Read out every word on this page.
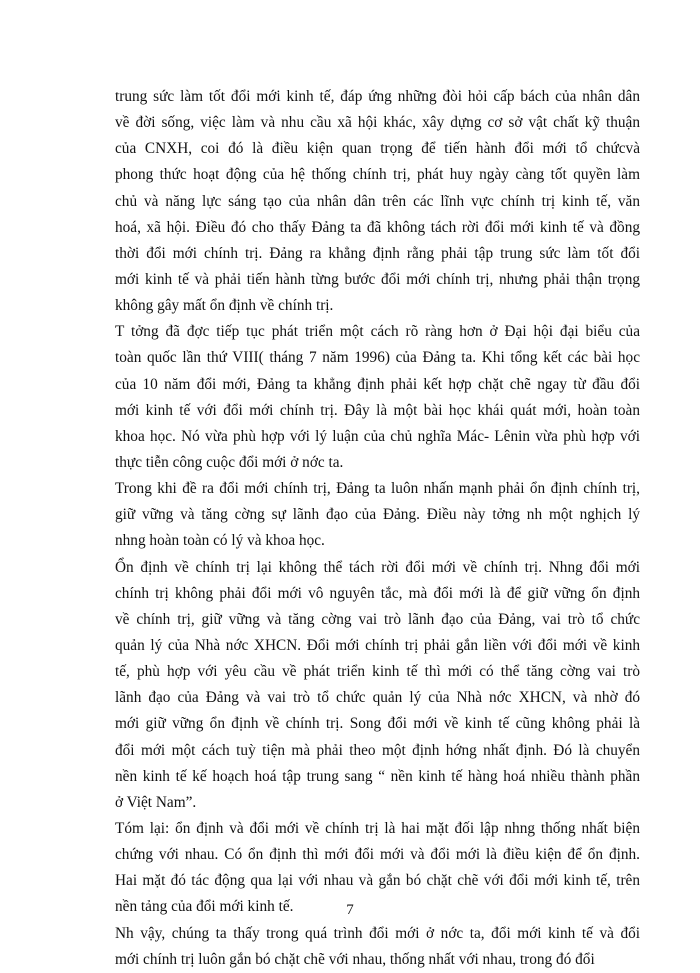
trung sức làm tốt đổi mới kinh tế, đáp ứng những đòi hỏi cấp bách của nhân dân
về đời sống, việc làm và nhu cầu xã hội khác, xây dựng cơ sở vật chất kỹ thuận
của CNXH, coi đó là điều kiện quan trọng để tiến hành đổi mới tổ chứcvà
phong thức hoạt động của hệ thống chính trị, phát huy ngày càng tốt quyền làm
chủ và năng lực sáng tạo của nhân dân trên các lĩnh vực chính trị kinh tế, văn
hoá, xã hội. Điều đó cho thấy Đảng ta đã không tách rời đổi mới kinh tế và đồng
thời đổi mới chính trị. Đảng ra khẳng định rằng phải tập trung sức làm tốt đổi
mới kinh tế và phải tiến hành từng bước đổi mới chính trị, nhưng phải thận trọng
không gây mất ổn định về chính trị.
T tởng đã đợc tiếp tục phát triển một cách rõ ràng hơn ở Đại hội đại biểu của
toàn quốc lần thứ VIII( tháng 7 năm 1996) của Đảng ta. Khi tổng kết các bài học
của 10 năm đổi mới, Đảng ta khẳng định phải kết hợp chặt chẽ ngay từ đầu đổi
mới kinh tế với đổi mới chính trị. Đây là một bài học khái quát mới, hoàn toàn
khoa học. Nó vừa phù hợp với lý luận của chủ nghĩa Mác- Lênin vừa phù hợp với
thực tiễn công cuộc đổi mới ở nớc ta.
Trong khi đề ra đổi mới chính trị, Đảng ta luôn nhấn mạnh phải ổn định chính trị,
giữ vững và tăng cờng sự lãnh đạo của Đảng. Điều này tởng nh một nghịch lý
nhng hoàn toàn có lý và khoa học.
Ổn định về chính trị lại không thể tách rời đổi mới về chính trị. Nhng đổi mới
chính trị không phải đổi mới vô nguyên tắc, mà đổi mới là để giữ vững ổn định
về chính trị, giữ vững và tăng cờng vai trò lãnh đạo của Đảng, vai trò tổ chức
quản lý của Nhà nớc XHCN. Đổi mới chính trị phải gắn liền với đổi mới về kinh
tế, phù hợp với yêu cầu về phát triển kinh tế thì mới có thể tăng cờng vai trò
lãnh đạo của Đảng và vai trò tổ chức quản lý của Nhà nớc XHCN, và nhờ đó
mới giữ vững ổn định về chính trị. Song đổi mới về kinh tế cũng không phải là
đổi mới một cách tuỳ tiện mà phải theo một định hớng nhất định. Đó là chuyển
nền kinh tế kế hoạch hoá tập trung sang “ nền kinh tế hàng hoá nhiều thành phần
ở Việt Nam”.
Tóm lại: ổn định và đổi mới về chính trị là hai mặt đối lập nhng thống nhất biện
chứng với nhau. Có ổn định thì mới đổi mới và đổi mới là điều kiện để ổn định.
Hai mặt đó tác động qua lại với nhau và gắn bó chặt chẽ với đổi mới kinh tế, trên
nền tảng của đổi mới kinh tế.
Nh vậy, chúng ta thấy trong quá trình đổi mới ở nớc ta, đổi mới kinh tế và đổi
mới chính trị luôn gắn bó chặt chẽ với nhau, thống nhất với nhau, trong đó đổi
7
